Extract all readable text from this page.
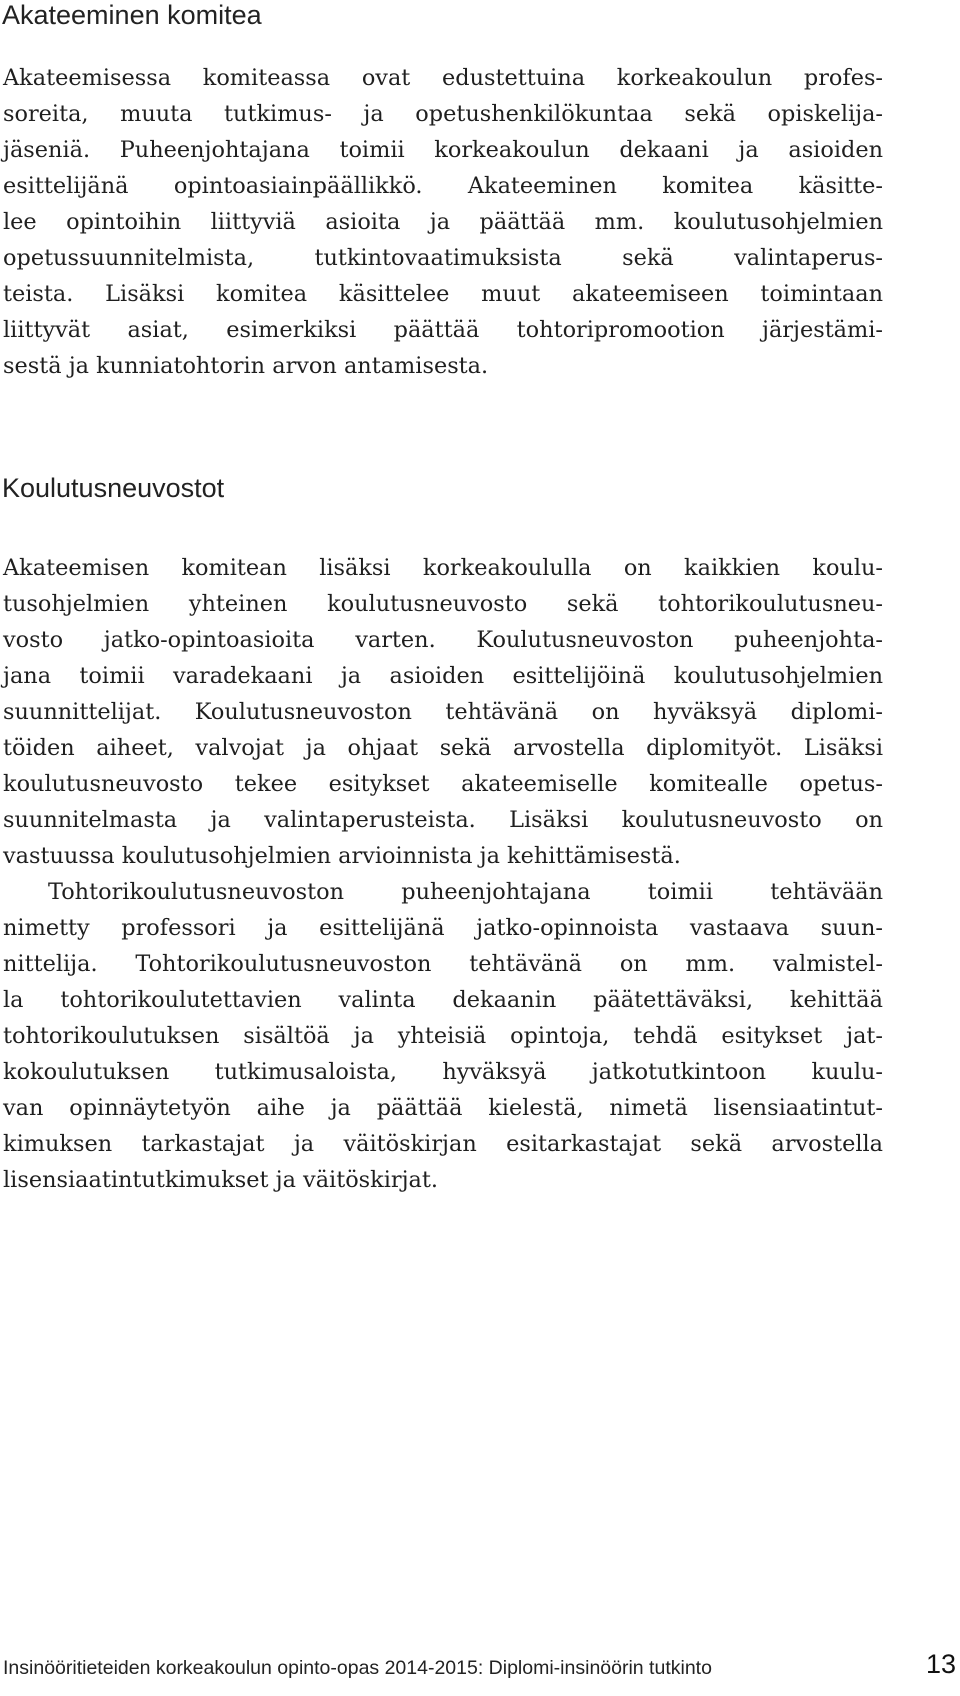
Akateeminen komitea

Akateemisessa komiteassa ovat edustettuina korkeakoulun profes-
soreita, muuta tutkimus- ja opetushenkilökuntaa sekä opiskelija-
jäseniä. Puheenjohtajana toimii korkeakoulun dekaani ja asioiden
esittelijänä opintoasiainpäällikkö. Akateeminen komitea käsitte-
lee opintoihin liittyviä asioita ja päättää mm. koulutusohjelmien
opetussuunnitelmista, tutkintovaatimuksista sekä valintaperus-
teista. Lisäksi komitea käsittelee muut akateemiseen toimintaan
liittyvät asiat, esimerkiksi päättää tohtoripromootion järjestämi-
sestä ja kunniatohtorin arvon antamisesta.

Koulutusneuvostot

Akateemisen komitean lisäksi korkeakoululla on kaikkien koulu-
tusohjelmien yhteinen koulutusneuvosto sekä tohtorikoulutusneu-
vosto jatko-opintoasioita varten. Koulutusneuvoston puheenjohta-
jana toimii varadekaani ja asioiden esittelijöinä koulutusohjelmien
suunnittelijat. Koulutusneuvoston tehtävänä on hyväksyä diplomi-
töiden aiheet, valvojat ja ohjaat sekä arvostella diplomityöt. Lisäksi
koulutusneuvosto tekee esitykset akateemiselle komitealle opetus-
suunnitelmasta ja valintaperusteista. Lisäksi koulutusneuvosto on
vastuussa koulutusohjelmien arvioinnista ja kehittämisestä.

Tohtorikoulutusneuvoston puheenjohtajana toimii tehtävään
nimetty professori ja esittelijänä jatko-opinnoista vastaava suun-
nittelija. Tohtorikoulutusneuvoston tehtävänä on mm. valmistel-
la tohtorikoulutettavien valinta dekaanin päätettäväksi, kehittää
tohtorikoulutuksen sisältöä ja yhteisiä opintoja, tehdä esitykset jat-
kokoulutuksen tutkimusaloista, hyväksyä jatkotutkintoon kuulu-
van opinnäytetyön aihe ja päättää kielestä, nimetä lisensiaatintut-
kimuksen tarkastajat ja väitöskirjan esitarkastajat sekä arvostella
lisensiaatintutkimukset ja väitöskirjat.

Insinööritieteiden korkeakoulun opinto-opas 2014-2015: Diplomi-insinöörin tutkinto	13
